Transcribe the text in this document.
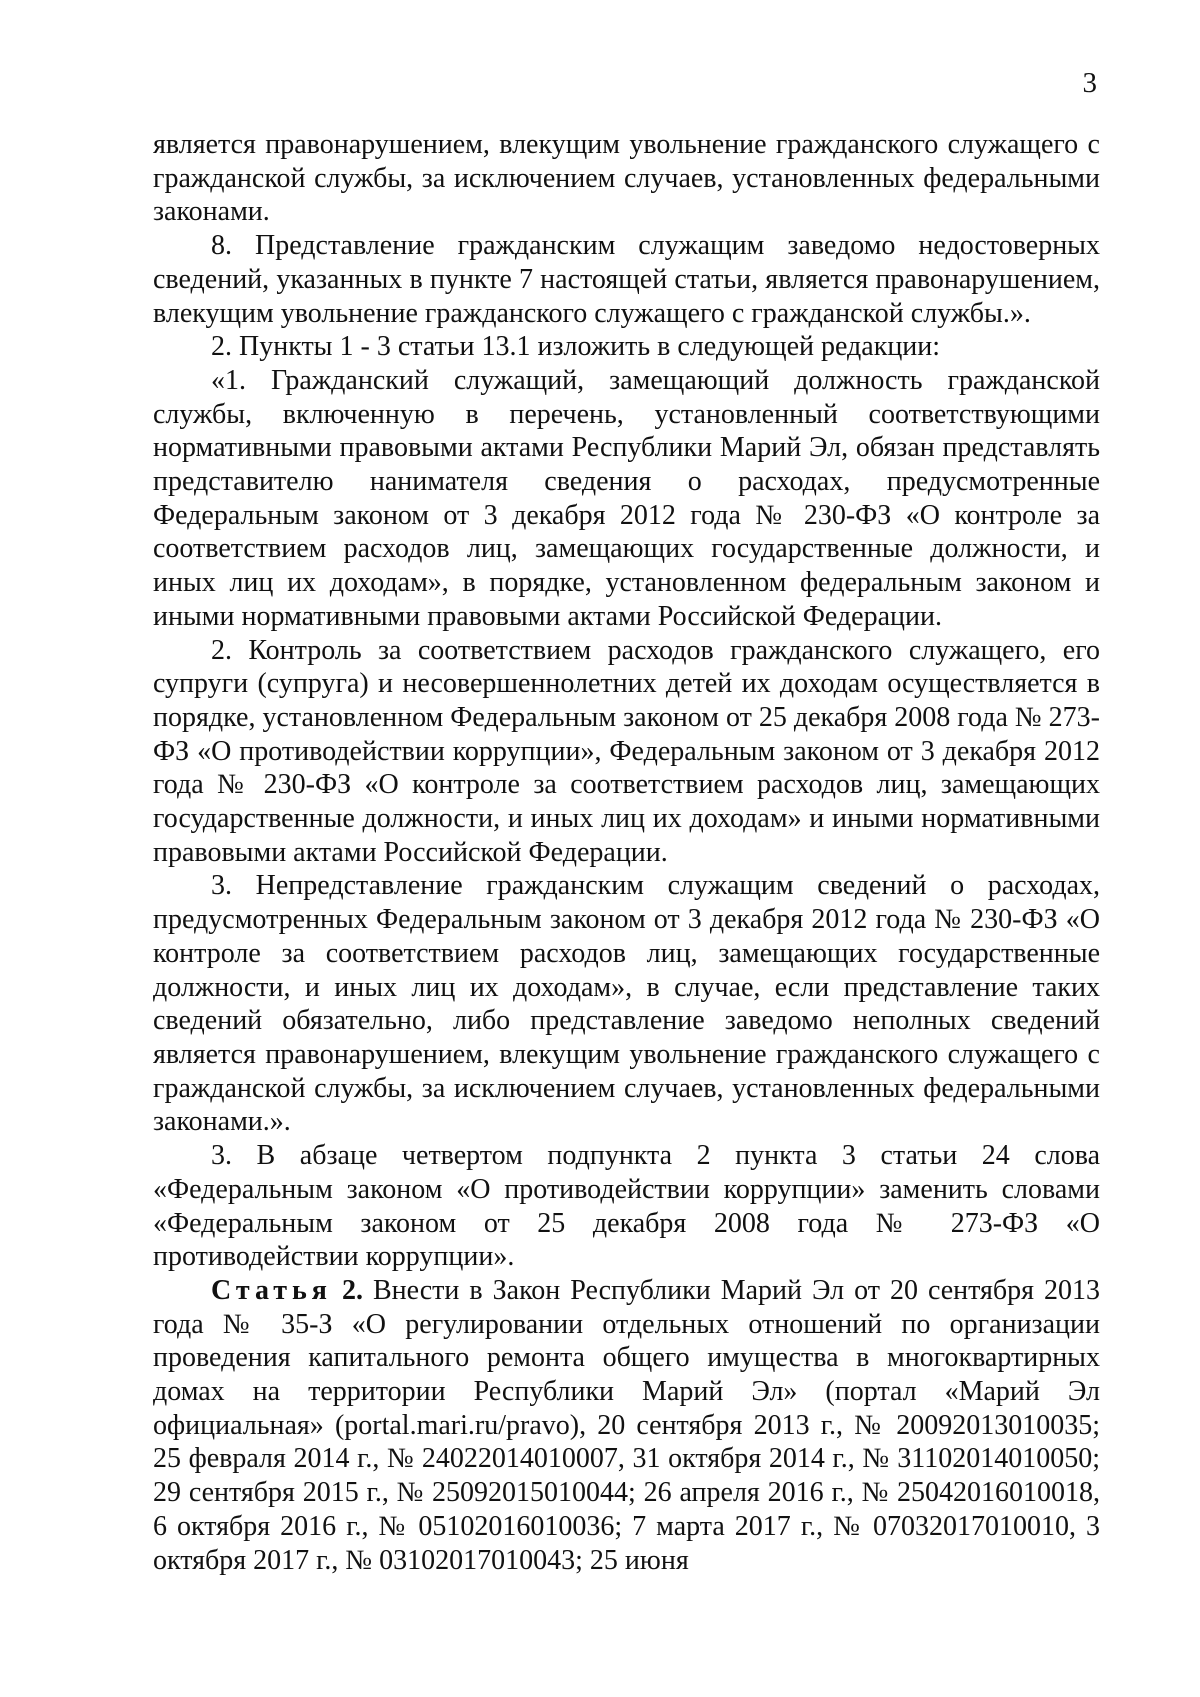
3

является правонарушением, влекущим увольнение гражданского служащего с гражданской службы, за исключением случаев, установленных федеральными законами.

8. Представление гражданским служащим заведомо недостоверных сведений, указанных в пункте 7 настоящей статьи, является правонарушением, влекущим увольнение гражданского служащего с гражданской службы.».

2. Пункты 1 - 3 статьи 13.1 изложить в следующей редакции:

«1. Гражданский служащий, замещающий должность гражданской службы, включенную в перечень, установленный соответствующими нормативными правовыми актами Республики Марий Эл, обязан представлять представителю нанимателя сведения о расходах, предусмотренные Федеральным законом от 3 декабря 2012 года № 230-ФЗ «О контроле за соответствием расходов лиц, замещающих государственные должности, и иных лиц их доходам», в порядке, установленном федеральным законом и иными нормативными правовыми актами Российской Федерации.

2. Контроль за соответствием расходов гражданского служащего, его супруги (супруга) и несовершеннолетних детей их доходам осуществляется в порядке, установленном Федеральным законом от 25 декабря 2008 года № 273-ФЗ «О противодействии коррупции», Федеральным законом от 3 декабря 2012 года № 230-ФЗ «О контроле за соответствием расходов лиц, замещающих государственные должности, и иных лиц их доходам» и иными нормативными правовыми актами Российской Федерации.

3. Непредставление гражданским служащим сведений о расходах, предусмотренных Федеральным законом от 3 декабря 2012 года № 230-ФЗ «О контроле за соответствием расходов лиц, замещающих государственные должности, и иных лиц их доходам», в случае, если представление таких сведений обязательно, либо представление заведомо неполных сведений является правонарушением, влекущим увольнение гражданского служащего с гражданской службы, за исключением случаев, установленных федеральными законами.».

3. В абзаце четвертом подпункта 2 пункта 3 статьи 24 слова «Федеральным законом «О противодействии коррупции» заменить словами «Федеральным законом от 25 декабря 2008 года № 273-ФЗ «О противодействии коррупции».

Статья 2. Внести в Закон Республики Марий Эл от 20 сентября 2013 года № 35-З «О регулировании отдельных отношений по организации проведения капитального ремонта общего имущества в многоквартирных домах на территории Республики Марий Эл» (портал «Марий Эл официальная» (portal.mari.ru/pravo), 20 сентября 2013 г., № 20092013010035; 25 февраля 2014 г., № 24022014010007, 31 октября 2014 г., № 31102014010050; 29 сентября 2015 г., № 25092015010044; 26 апреля 2016 г., № 25042016010018, 6 октября 2016 г., № 05102016010036; 7 марта 2017 г., № 07032017010010, 3 октября 2017 г., № 03102017010043; 25 июня
